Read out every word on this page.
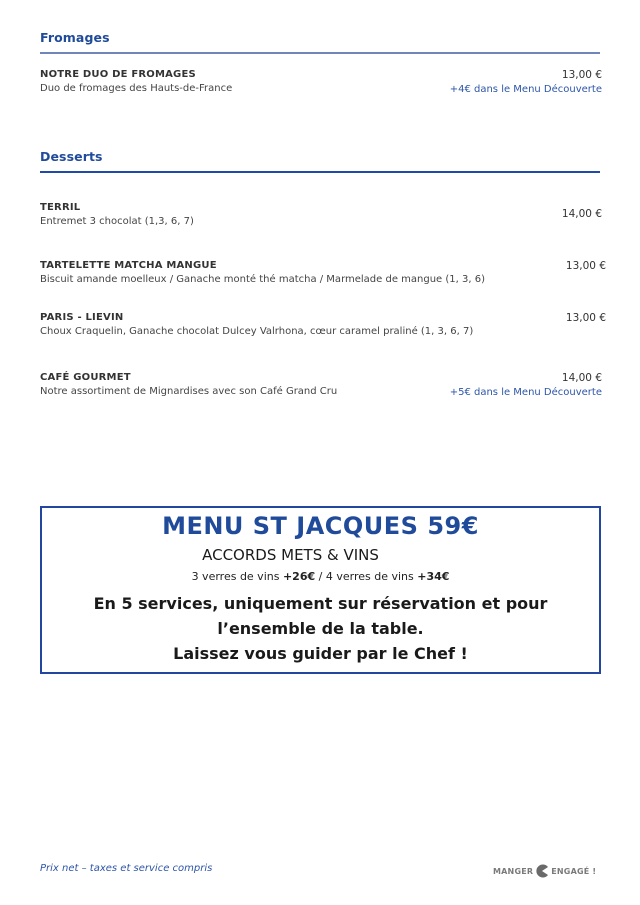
Fromages
NOTRE DUO DE FROMAGES
Duo de fromages des Hauts-de-France
13,00 €
+4€ dans le Menu Découverte
Desserts
TERRIL
Entremet 3 chocolat (1,3, 6, 7)
14,00 €
TARTELETTE MATCHA MANGUE
Biscuit amande moelleux / Ganache monté thé matcha / Marmelade de mangue (1, 3, 6)
13,00 €
PARIS - LIEVIN
Choux Craquelin, Ganache chocolat Dulcey Valrhona, cœur caramel praliné (1, 3, 6, 7)
13,00 €
CAFÉ GOURMET
Notre assortiment de Mignardises avec son Café Grand Cru
14,00 €
+5€ dans le Menu Découverte
MENU ST JACQUES 59€
ACCORDS METS & VINS
3 verres de vins +26€ / 4 verres de vins +34€
En 5 services, uniquement sur réservation et pour
l’ensemble de la table.
Laissez vous guider par le Chef !
Prix net – taxes et service compris	MANGER ENGAGÉ !
